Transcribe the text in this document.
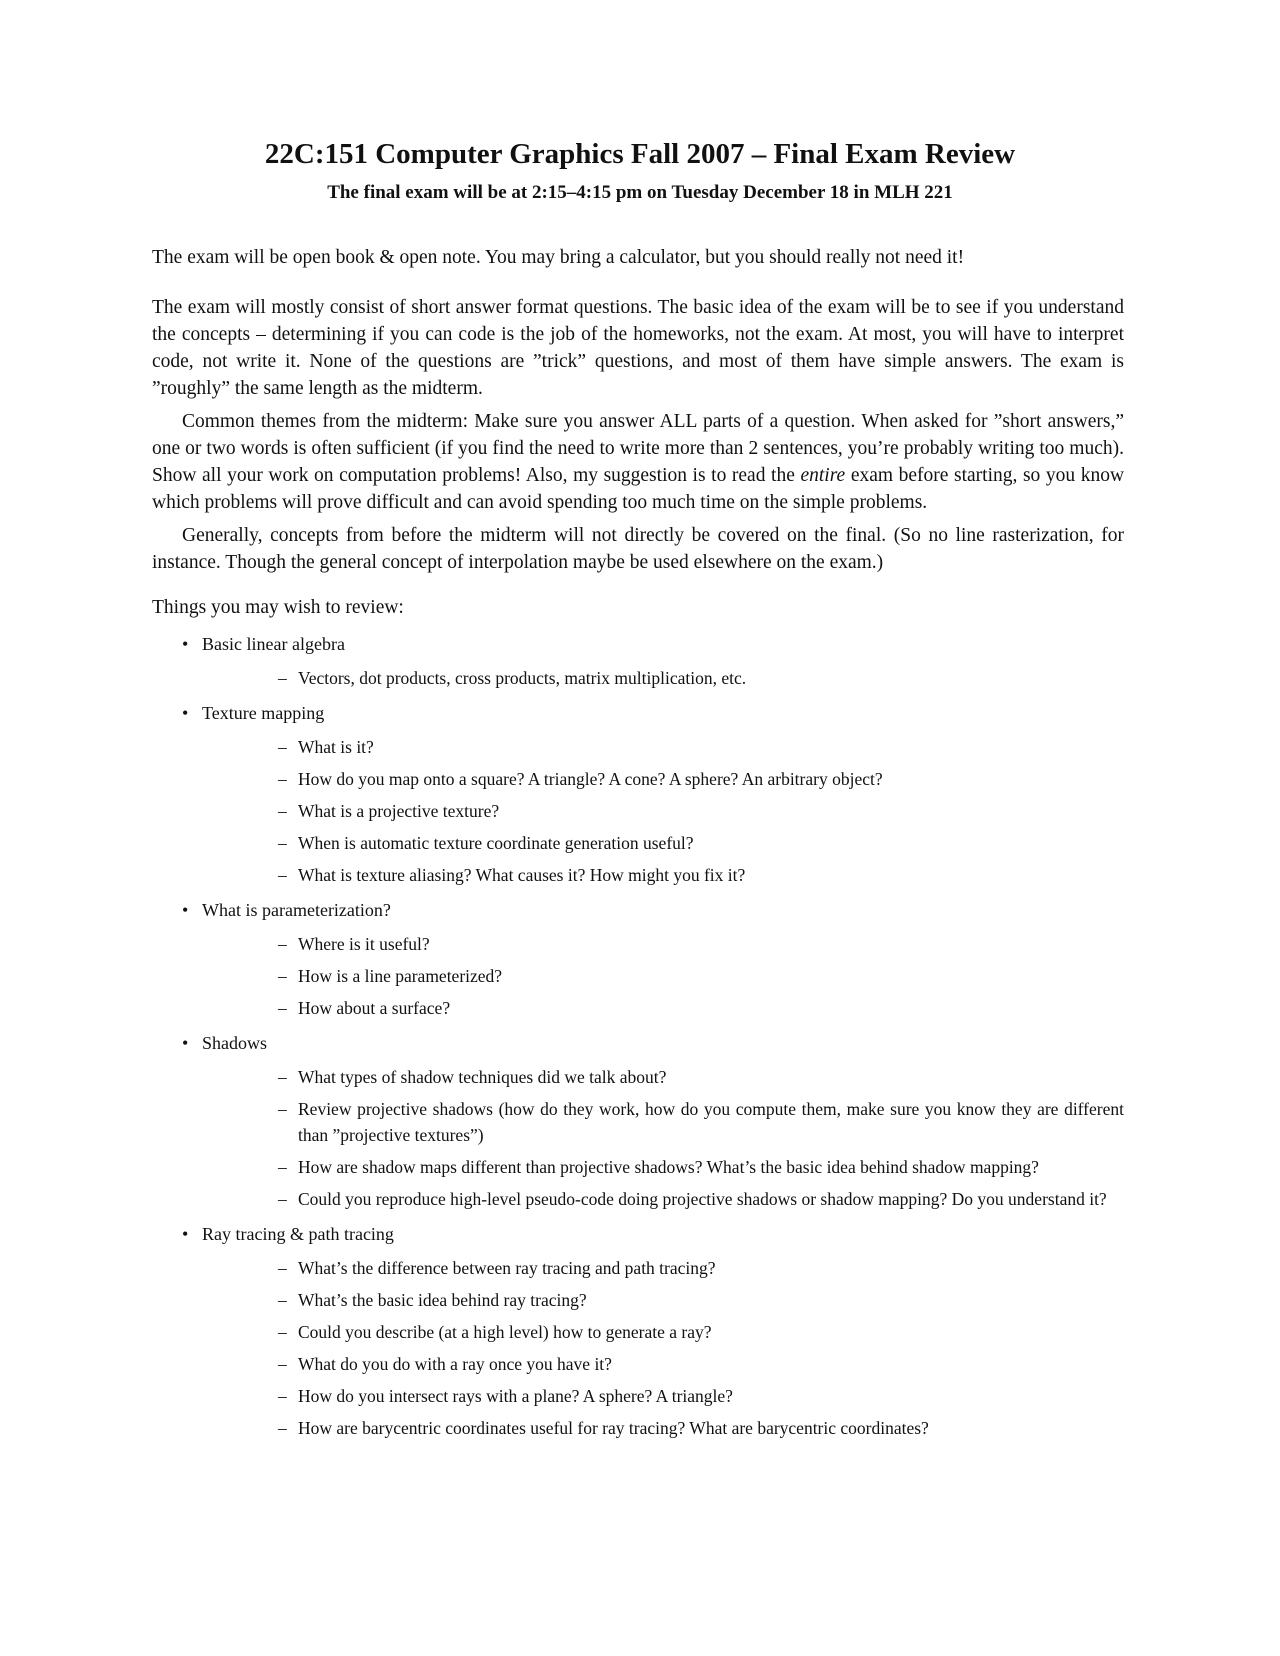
22C:151 Computer Graphics Fall 2007 – Final Exam Review
The final exam will be at 2:15–4:15 pm on Tuesday December 18 in MLH 221

The exam will be open book & open note. You may bring a calculator, but you should really not need it!

The exam will mostly consist of short answer format questions. The basic idea of the exam will be to see if you understand the concepts – determining if you can code is the job of the homeworks, not the exam. At most, you will have to interpret code, not write it. None of the questions are ”trick” questions, and most of them have simple answers. The exam is ”roughly” the same length as the midterm.

Common themes from the midterm: Make sure you answer ALL parts of a question. When asked for ”short answers,” one or two words is often sufficient (if you find the need to write more than 2 sentences, you’re probably writing too much). Show all your work on computation problems! Also, my suggestion is to read the entire exam before starting, so you know which problems will prove difficult and can avoid spending too much time on the simple problems.

Generally, concepts from before the midterm will not directly be covered on the final. (So no line rasterization, for instance. Though the general concept of interpolation maybe be used elsewhere on the exam.)

Things you may wish to review:

• Basic linear algebra
– Vectors, dot products, cross products, matrix multiplication, etc.
• Texture mapping
– What is it?
– How do you map onto a square? A triangle? A cone? A sphere? An arbitrary object?
– What is a projective texture?
– When is automatic texture coordinate generation useful?
– What is texture aliasing? What causes it? How might you fix it?
• What is parameterization?
– Where is it useful?
– How is a line parameterized?
– How about a surface?
• Shadows
– What types of shadow techniques did we talk about?
– Review projective shadows (how do they work, how do you compute them, make sure you know they are different than ”projective textures”)
– How are shadow maps different than projective shadows? What’s the basic idea behind shadow mapping?
– Could you reproduce high-level pseudo-code doing projective shadows or shadow mapping? Do you understand it?
• Ray tracing & path tracing
– What’s the difference between ray tracing and path tracing?
– What’s the basic idea behind ray tracing?
– Could you describe (at a high level) how to generate a ray?
– What do you do with a ray once you have it?
– How do you intersect rays with a plane? A sphere? A triangle?
– How are barycentric coordinates useful for ray tracing? What are barycentric coordinates?
